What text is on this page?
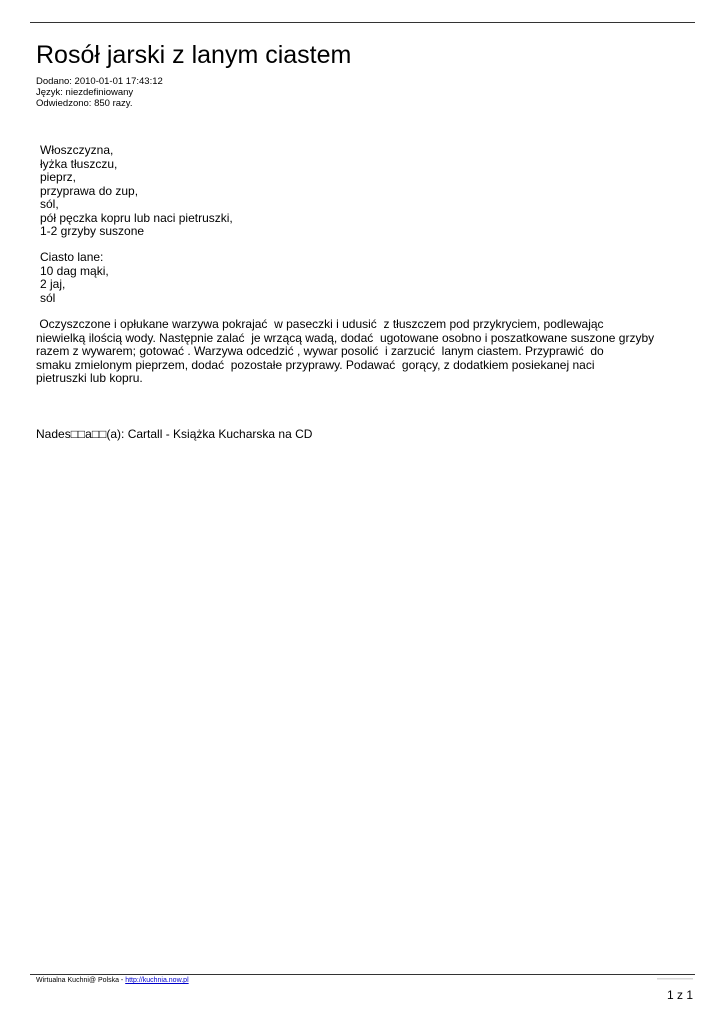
Rosół jarski z lanym ciastem
Dodano: 2010-01-01 17:43:12
Język: niezdefiniowany
Odwiedzono: 850 razy.
Włoszczyzna,
łyżka tłuszczu,
pieprz,
przyprawa do zup,
sól,
pół pęczka kopru lub naci pietruszki,
1-2 grzyby suszone
Ciasto lane:
10 dag mąki,
2 jaj,
sól
Oczyszczone i opłukane warzywa pokrajać  w paseczki i udusić  z tłuszczem pod przykryciem, podlewając
niewielką ilością wody. Następnie zalać  je wrzącą wadą, dodać  ugotowane osobno i poszatkowane suszone grzyby
razem z wywarem; gotować . Warzywa odcedzić , wywar posolić  i zarzucić  lanym ciastem. Przyprawić  do
smaku zmielonym pieprzem, dodać  pozostałe przyprawy. Podawać  gorący, z dodatkiem posiekanej naci
pietruszki lub kopru.
Nades□□a□□(a): Cartall - Książka Kucharska na CD
Wirtualna Kuchni@ Polska - http://kuchnia.now.pl
1 z 1
